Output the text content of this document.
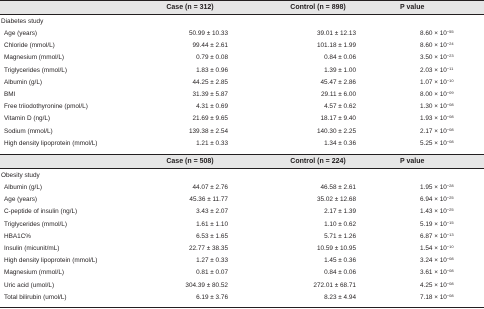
Case (n = 312)	Control (n = 898)	P value
Diabetes study
Age (years)	50.99 ± 10.33	39.01 ± 12.13	$8.60 \times 10^{-55}$
Chloride (mmol/L)	99.44 ± 2.61	101.18 ± 1.99	$8.60 \times 10^{-24}$
Magnesium (mmol/L)	0.79 ± 0.08	0.84 ± 0.06	$3.50 \times 10^{-23}$
Triglycerides (mmol/L)	1.83 ± 0.96	1.39 ± 1.00	$2.03 \times 10^{-11}$
Albumin (g/L)	44.25 ± 2.85	45.47 ± 2.86	$1.07 \times 10^{-10}$
BMI	31.39 ± 5.87	29.11 ± 6.00	$8.00 \times 10^{-09}$
Free triiodothyronine (pmol/L)	4.31 ± 0.69	4.57 ± 0.62	$1.30 \times 10^{-08}$
Vitamin D (ng/L)	21.69 ± 9.65	18.17 ± 9.40	$1.93 \times 10^{-08}$
Sodium (mmol/L)	139.38 ± 2.54	140.30 ± 2.25	$2.17 \times 10^{-08}$
High density lipoprotein (mmol/L)	1.21 ± 0.33	1.34 ± 0.36	$5.25 \times 10^{-08}$
Case (n = 508)	Control (n = 224)	P value
Obesity study
Albumin (g/L)	44.07 ± 2.76	46.58 ± 2.61	$1.95 \times 10^{-28}$
Age (years)	45.36 ± 11.77	35.02 ± 12.68	$6.94 \times 10^{-25}$
C-peptide of insulin (ng/L)	3.43 ± 2.07	2.17 ± 1.39	$1.43 \times 10^{-25}$
Triglycerides (mmol/L)	1.61 ± 1.10	1.10 ± 0.62	$5.19 \times 10^{-15}$
HBA1C%	6.53 ± 1.65	5.71 ± 1.26	$6.87 \times 10^{-13}$
Insulin (micunit/mL)	22.77 ± 38.35	10.59 ± 10.95	$1.54 \times 10^{-10}$
High density lipoprotein (mmol/L)	1.27 ± 0.33	1.45 ± 0.36	$3.24 \times 10^{-08}$
Magnesium (mmol/L)	0.81 ± 0.07	0.84 ± 0.06	$3.61 \times 10^{-08}$
Uric acid (umol/L)	304.39 ± 80.52	272.01 ± 68.71	$4.25 \times 10^{-08}$
Total bilirubin (umol/L)	6.19 ± 3.76	8.23 ± 4.94	$7.18 \times 10^{-08}$
